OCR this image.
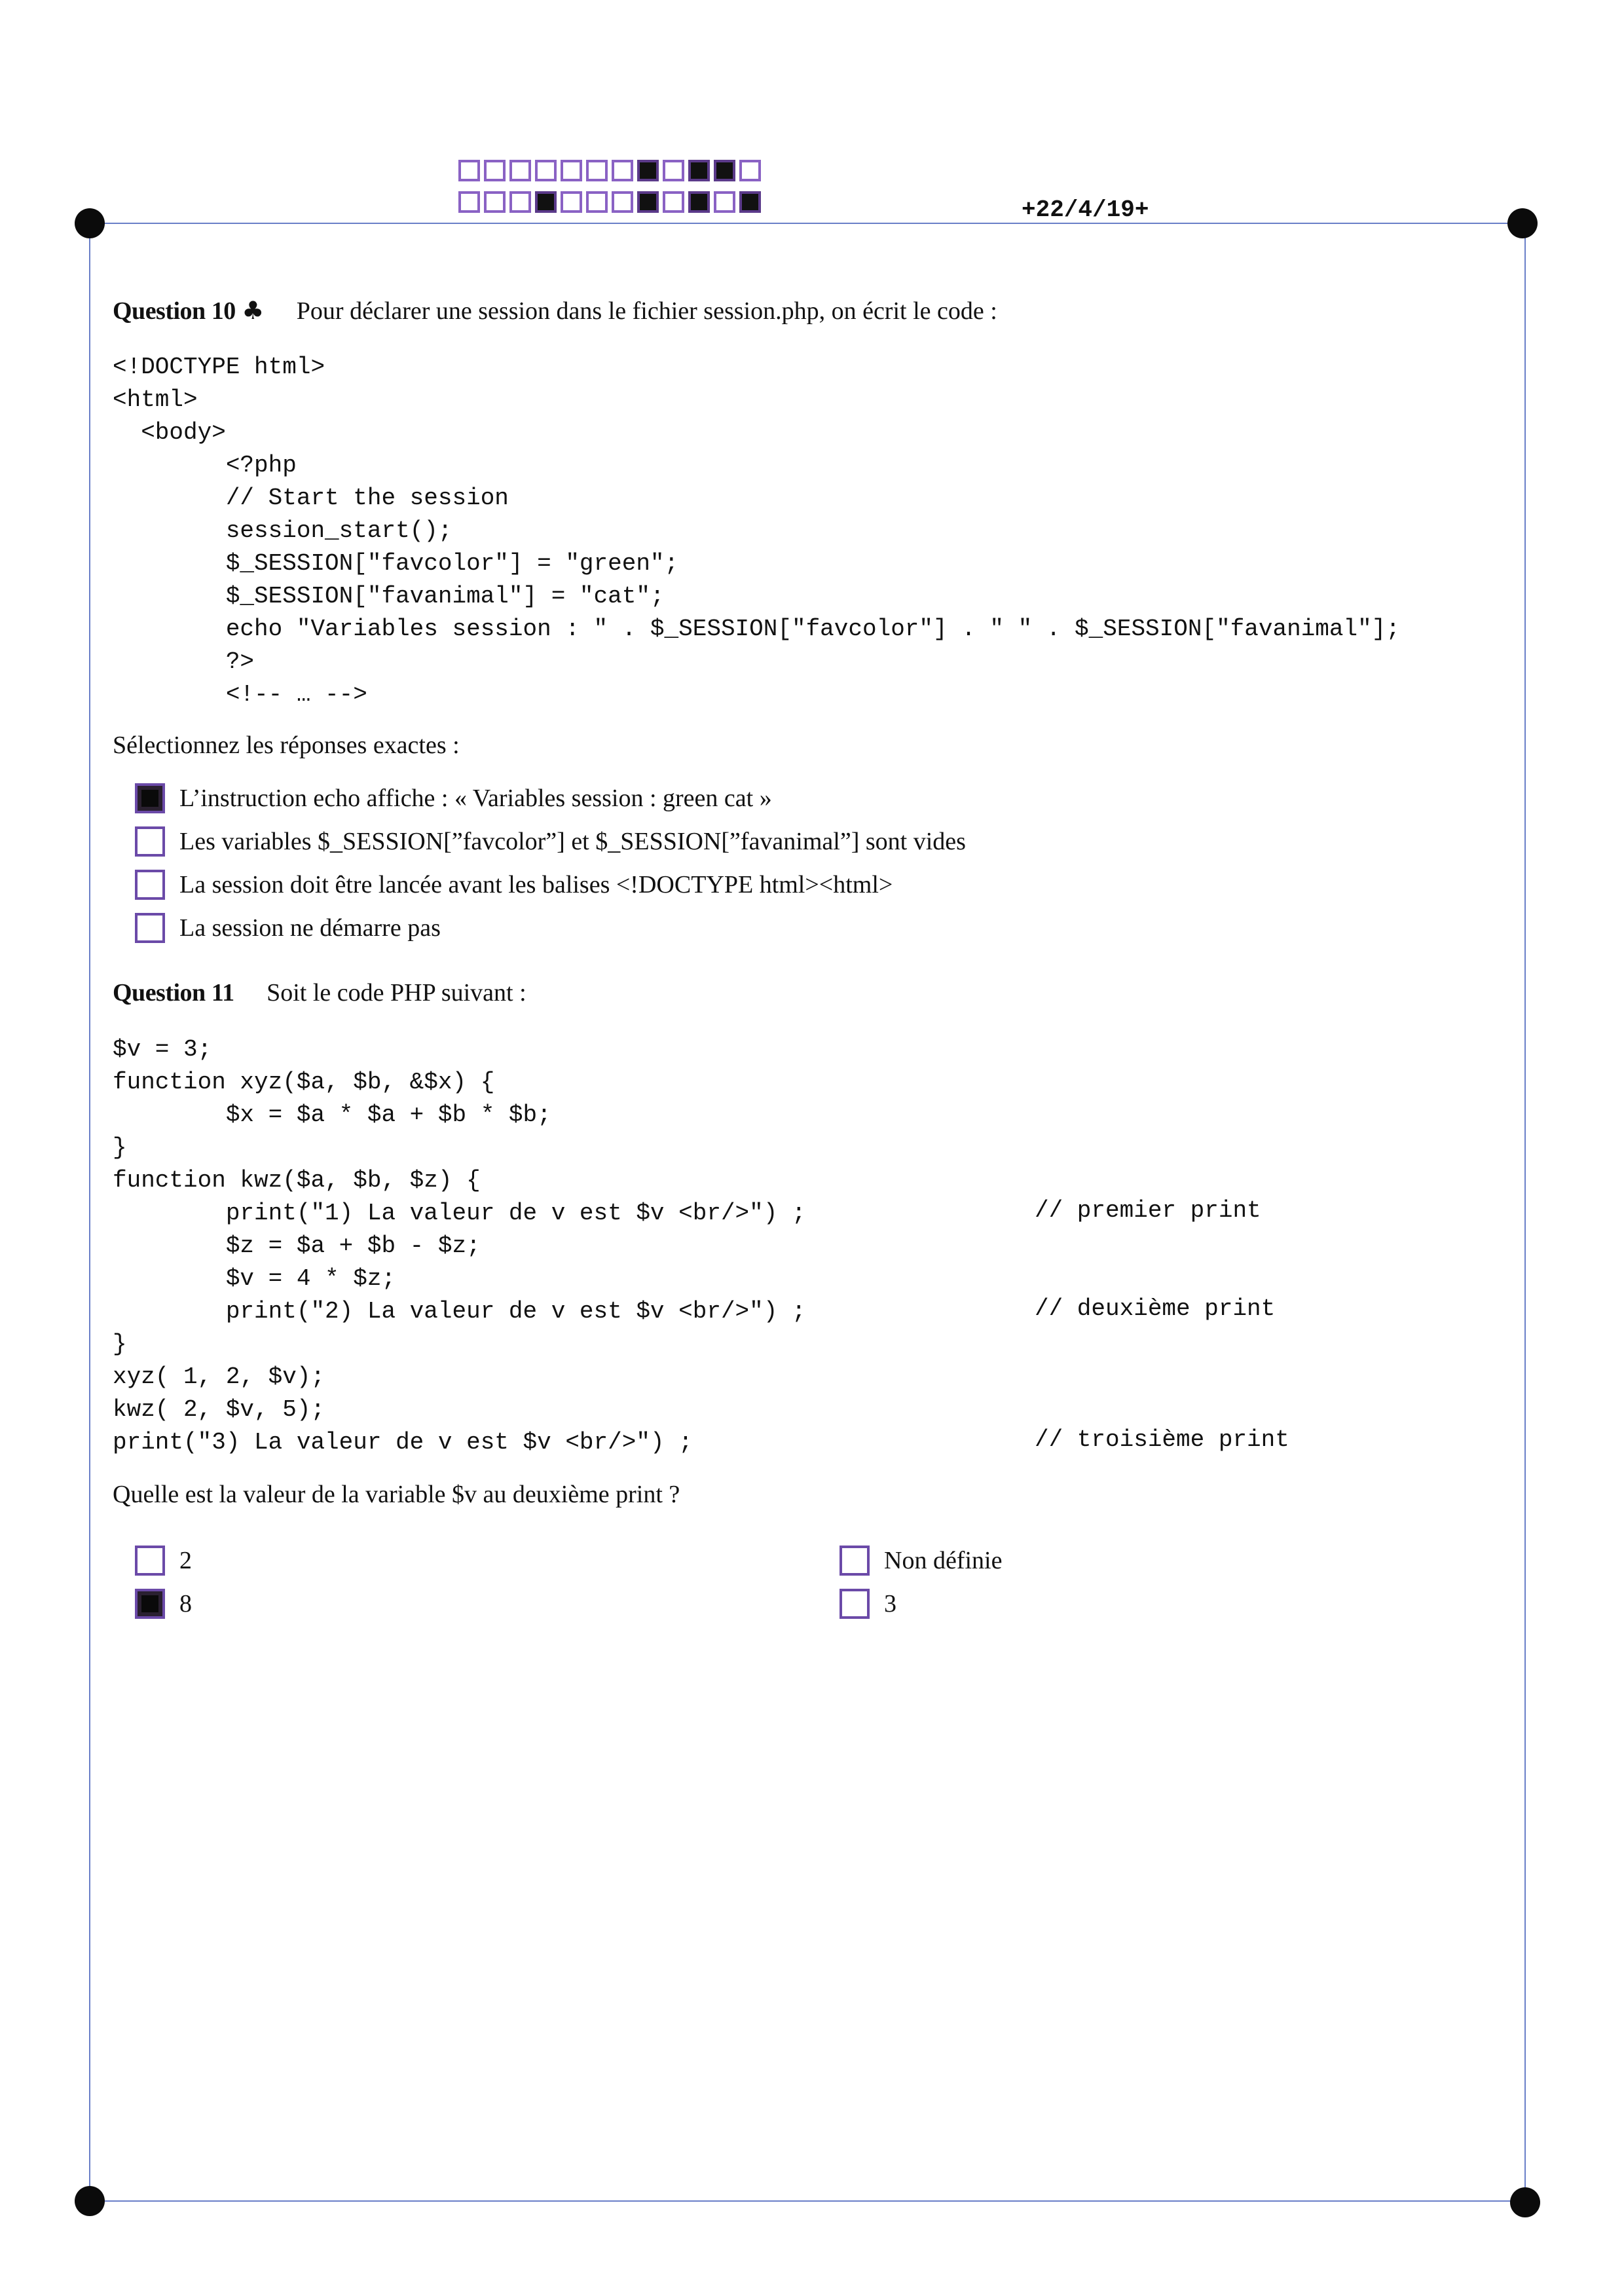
+22/4/19+
Question 10 ♣ Pour déclarer une session dans le fichier session.php, on écrit le code :
<!DOCTYPE html>
<html>
<body>
<?php
// Start the session
session_start();
$_SESSION["favcolor"] = "green";
$_SESSION["favanimal"] = "cat";
echo "Variables session : " . $_SESSION["favcolor"] . " " . $_SESSION["favanimal"];
?>
<!-- … -->
Sélectionnez les réponses exactes :
L’instruction echo affiche : « Variables session : green cat »
Les variables $_SESSION[”favcolor”] et $_SESSION[”favanimal”] sont vides
La session doit être lancée avant les balises <!DOCTYPE html><html>
La session ne démarre pas
Question 11 Soit le code PHP suivant :
$v = 3;
function xyz($a, $b, &$x) {
$x = $a * $a + $b * $b;
}
function kwz($a, $b, $z) {
print("1) La valeur de v est $v <br/>") ;
$z = $a + $b - $z;
$v = 4 * $z;
print("2) La valeur de v est $v <br/>") ;
}
xyz( 1, 2, $v);
kwz( 2, $v, 5);
print("3) La valeur de v est $v <br/>") ;
// premier print
// deuxième print
// troisième print
Quelle est la valeur de la variable $v au deuxième print ?
2	Non définie
8	3
